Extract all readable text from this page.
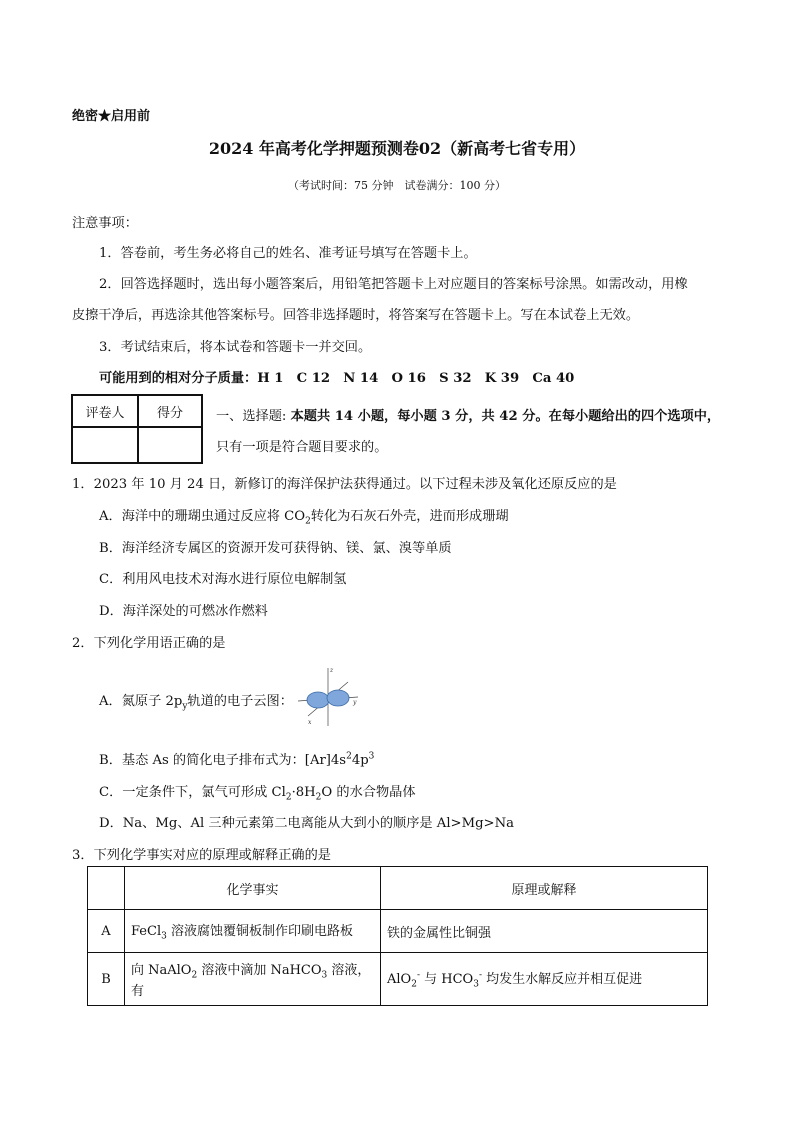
绝密★启用前
2024 年高考化学押题预测卷02（新高考七省专用）
（考试时间：75 分钟　试卷满分：100 分）
注意事项：
1．答卷前，考生务必将自己的姓名、准考证号填写在答题卡上。
2．回答选择题时，选出每小题答案后，用铅笔把答题卡上对应题目的答案标号涂黑。如需改动，用橡
皮擦干净后，再选涂其他答案标号。回答非选择题时，将答案写在答题卡上。写在本试卷上无效。
3．考试结束后，将本试卷和答题卡一并交回。
可能用到的相对分子质量：H 1　C 12　N 14　O 16　S 32　K 39　Ca 40
评卷人	得分	一、选择题: 本题共 14 小题，每小题 3 分，共 42 分。在每小题给出的四个选项中，
只有一项是符合题目要求的。
1．2023 年 10 月 24 日，新修订的海洋保护法获得通过。以下过程未涉及氧化还原反应的是
A．海洋中的珊瑚虫通过反应将 $CO_2$转化为石灰石外壳，进而形成珊瑚
B．海洋经济专属区的资源开发可获得钠、镁、氯、溴等单质
C．利用风电技术对海水进行原位电解制氢
D．海洋深处的可燃冰作燃料
2．下列化学用语正确的是
A．氮原子 $2p_y$轨道的电子云图：
z
x
y
B．基态 As 的简化电子排布式为：$[Ar]4s^24p^3$
C．一定条件下，氯气可形成 $Cl_2\cdot 8H_2O$ 的水合物晶体
D．Na、Mg、Al 三种元素第二电离能从大到小的顺序是 Al>Mg>Na
3．下列化学事实对应的原理或解释正确的是
	化学事实	原理或解释
A	FeCl$_3$ 溶液腐蚀覆铜板制作印刷电路板	铁的金属性比铜强
B	向 NaAlO$_2$ 溶液中滴加 NaHCO$_3$ 溶液，有	AlO$_2$- 与 $HCO_3^-$ 均发生水解反应并相互促进
